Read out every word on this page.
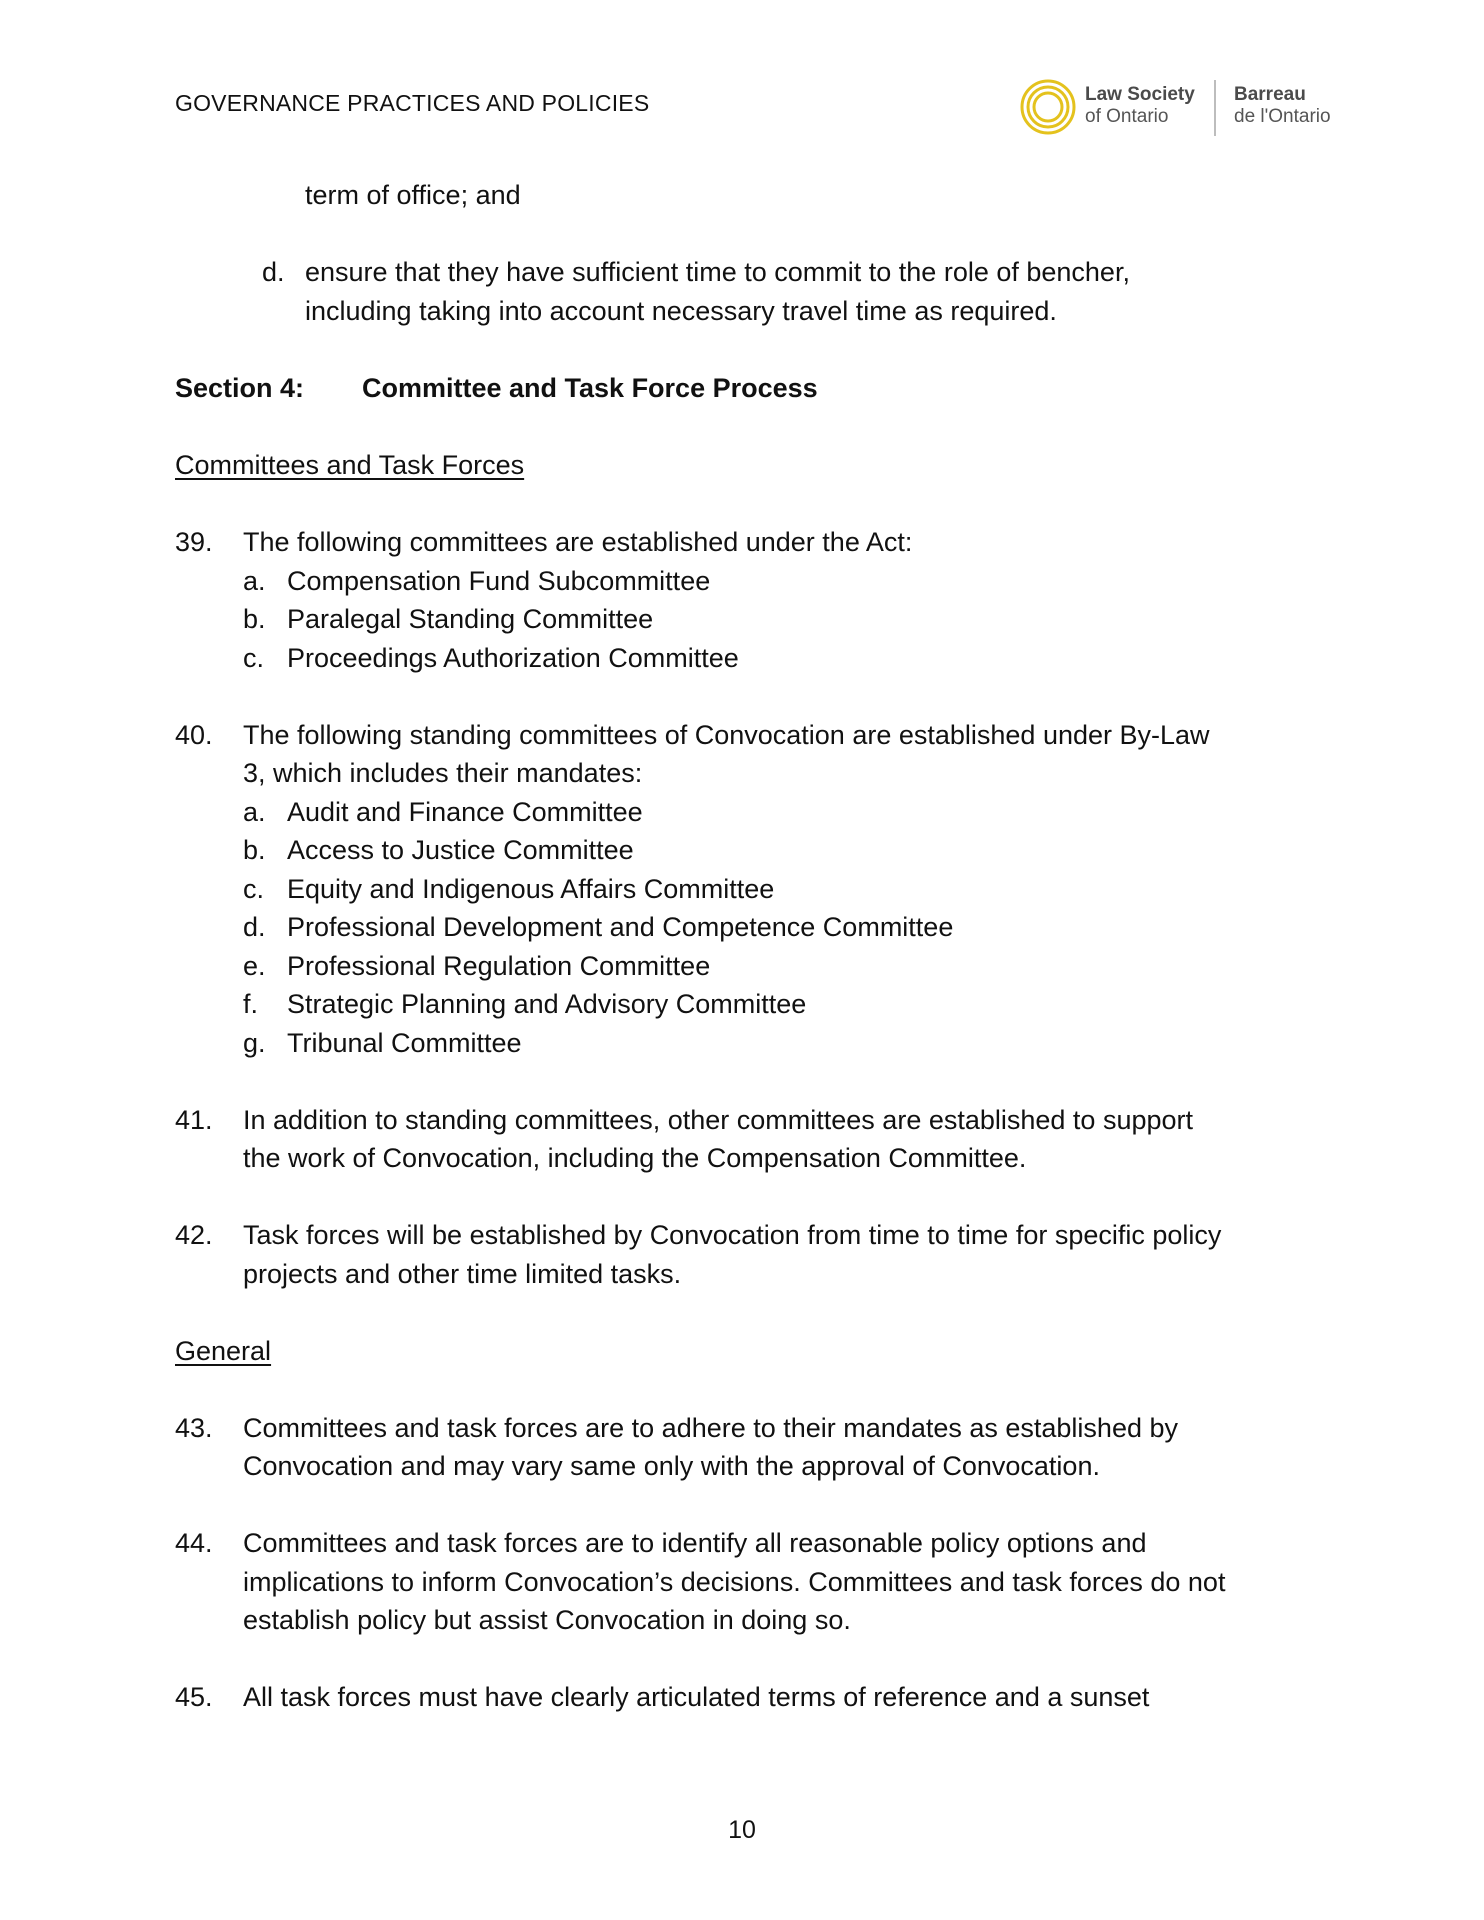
GOVERNANCE PRACTICES AND POLICIES	Law Society
of Ontario
Barreau
de l'Ontario
term of office; and
d. ensure that they have sufficient time to commit to the role of bencher,
including taking into account necessary travel time as required.
Section 4: Committee and Task Force Process
Committees and Task Forces
39. The following committees are established under the Act:
a. Compensation Fund Subcommittee
b. Paralegal Standing Committee
c. Proceedings Authorization Committee
40. The following standing committees of Convocation are established under By-Law
3, which includes their mandates:
a. Audit and Finance Committee
b. Access to Justice Committee
c. Equity and Indigenous Affairs Committee
d. Professional Development and Competence Committee
e. Professional Regulation Committee
f. Strategic Planning and Advisory Committee
g. Tribunal Committee
41. In addition to standing committees, other committees are established to support
the work of Convocation, including the Compensation Committee.
42. Task forces will be established by Convocation from time to time for specific policy
projects and other time limited tasks.
General
43. Committees and task forces are to adhere to their mandates as established by
Convocation and may vary same only with the approval of Convocation.
44. Committees and task forces are to identify all reasonable policy options and
implications to inform Convocation’s decisions. Committees and task forces do not
establish policy but assist Convocation in doing so.
45. All task forces must have clearly articulated terms of reference and a sunset
10
